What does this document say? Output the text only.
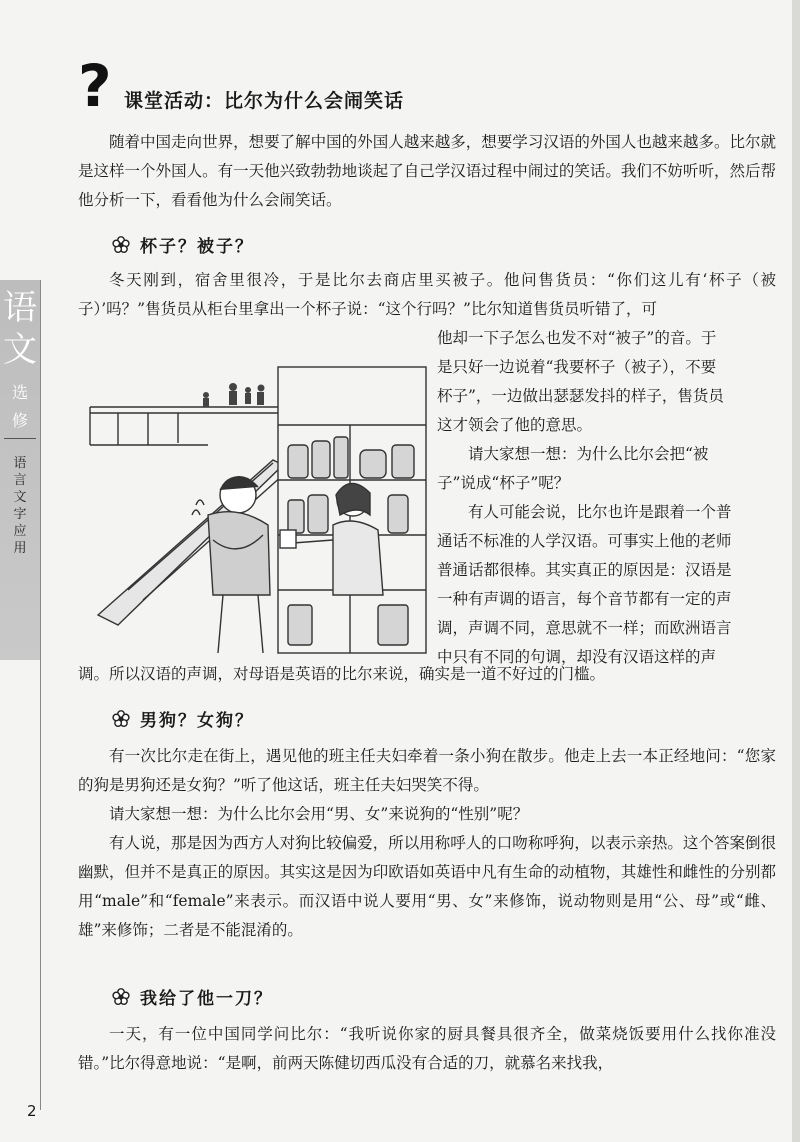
语
文
选
修
语
言
文
字
应
用
? 课堂活动：比尔为什么会闹笑话
随着中国走向世界，想要了解中国的外国人越来越多，想要学习汉语的外国人也越来越多。比尔就是这样一个外国人。有一天他兴致勃勃地谈起了自己学汉语过程中闹过的笑话。我们不妨听听，然后帮他分析一下，看看他为什么会闹笑话。
杯子？被子？
冬天刚到，宿舍里很冷，于是比尔去商店里买被子。他问售货员：“你们这儿有‘杯子（被子）’吗？”售货员从柜台里拿出一个杯子说：“这个行吗？”比尔知道售货员听错了，可
他却一下子怎么也发不对“被子”的音。于
是只好一边说着“我要杯子（被子），不要
杯子”，一边做出瑟瑟发抖的样子，售货员
这才领会了他的意思。
　　请大家想一想：为什么比尔会把“被
子”说成“杯子”呢？
　　有人可能会说，比尔也许是跟着一个普
通话不标准的人学汉语。可事实上他的老师
普通话都很棒。其实真正的原因是：汉语是
一种有声调的语言，每个音节都有一定的声
调，声调不同，意思就不一样；而欧洲语言
中只有不同的句调，却没有汉语这样的声
调。所以汉语的声调，对母语是英语的比尔来说，确实是一道不好过的门槛。
男狗？女狗？
有一次比尔走在街上，遇见他的班主任夫妇牵着一条小狗在散步。他走上去一本正经地问：“您家的狗是男狗还是女狗？”听了他这话，班主任夫妇哭笑不得。
请大家想一想：为什么比尔会用“男、女”来说狗的“性别”呢？
有人说，那是因为西方人对狗比较偏爱，所以用称呼人的口吻称呼狗，以表示亲热。这个答案倒很幽默，但并不是真正的原因。其实这是因为印欧语如英语中凡有生命的动植物，其雄性和雌性的分别都用“male”和“female”来表示。而汉语中说人要用“男、女”来修饰，说动物则是用“公、母”或“雌、雄”来修饰；二者是不能混淆的。
我给了他一刀？
一天，有一位中国同学问比尔：“我听说你家的厨具餐具很齐全，做菜烧饭要用什么找你准没错。”比尔得意地说：“是啊，前两天陈健切西瓜没有合适的刀，就慕名来找我，
2
